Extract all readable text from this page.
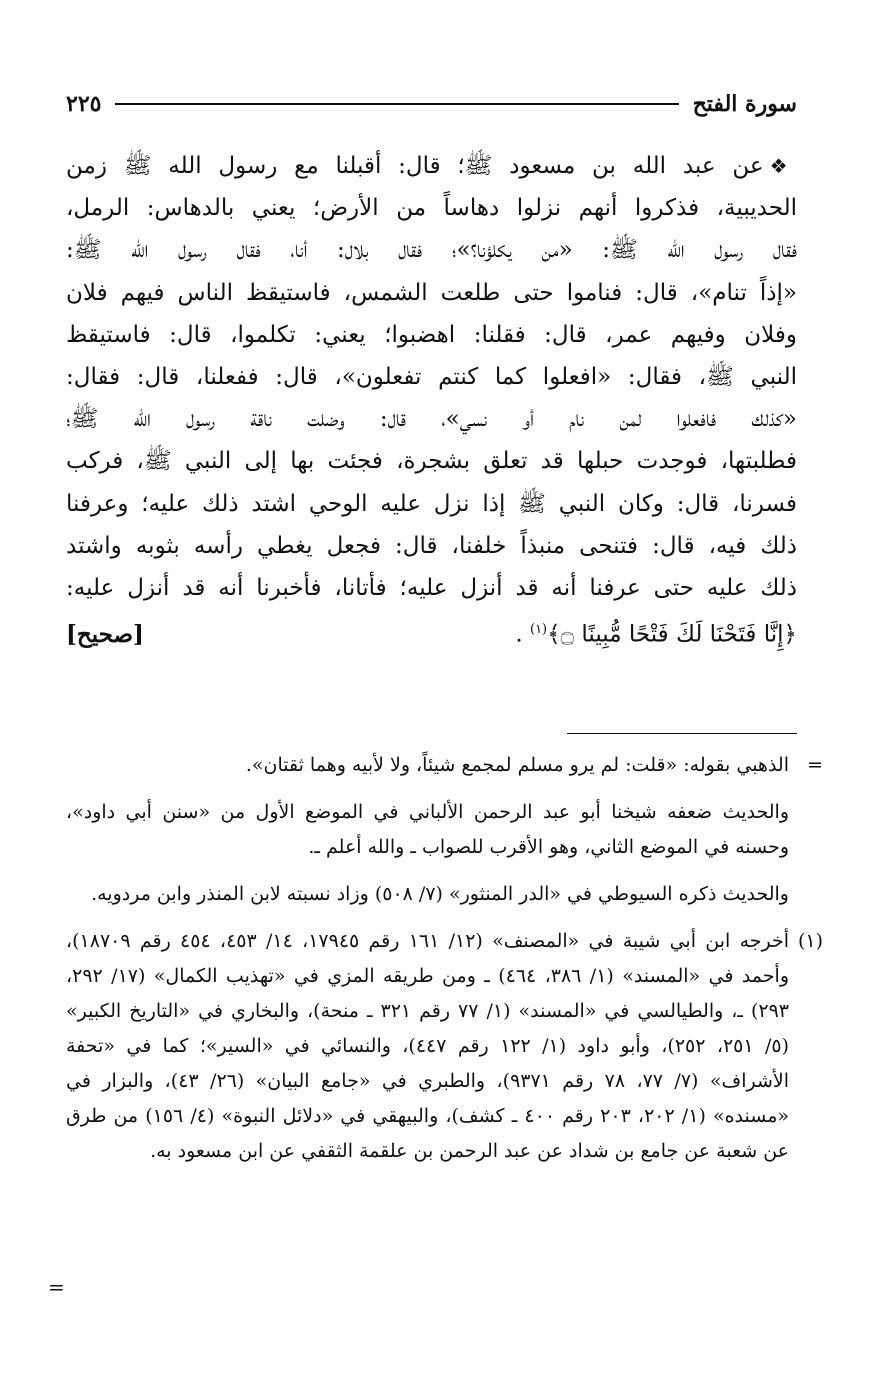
سورة الفتح
٢٢٥
❖عن عبد الله بن مسعود ﷺ؛ قال: أقبلنا مع رسول الله ﷺ زمن
الحديبية، فذكروا أنهم نزلوا دهاساً من الأرض؛ يعني بالدهاس: الرمل،
فقال رسول الله ﷺ: «من يكلؤنا؟»؛ فقال بلال: أنا، فقال رسول الله ﷺ:
«إذاً تنام»، قال: فناموا حتى طلعت الشمس، فاستيقظ الناس فيهم فلان
وفلان وفيهم عمر، قال: فقلنا: اهضبوا؛ يعني: تكلموا، قال: فاستيقظ
النبي ﷺ، فقال: «افعلوا كما كنتم تفعلون»، قال: ففعلنا، قال: فقال:
«كذلك فافعلوا لمن نام أو نسي»، قال: وضلت ناقة رسول الله ﷺ؛
فطلبتها، فوجدت حبلها قد تعلق بشجرة، فجئت بها إلى النبي ﷺ، فركب
فسرنا، قال: وكان النبي ﷺ إذا نزل عليه الوحي اشتد ذلك عليه؛ وعرفنا
ذلك فيه، قال: فتنحى منبذاً خلفنا، قال: فجعل يغطي رأسه بثوبه واشتد
ذلك عليه حتى عرفنا أنه قد أنزل عليه؛ فأتانا، فأخبرنا أنه قد أنزل عليه:
﴿إِنَّا فَتَحْنَا لَكَ فَتْحًا مُّبِينًا ۝﴾$^{(١)}$ .
[صحيح]
=

الذهبي بقوله: «قلت: لم يرو مسلم لمجمع شيئاً، ولا لأبيه وهما ثقتان».

والحديث ضعفه شيخنا أبو عبد الرحمن الألباني في الموضع الأول من «سنن أبي داود»، وحسنه في الموضع الثاني، وهو الأقرب للصواب ـ والله أعلم ـ.

والحديث ذكره السيوطي في «الدر المنثور» (٧/ ٥٠٨) وزاد نسبته لابن المنذر وابن مردويه.

(١)

أخرجه ابن أبي شيبة في «المصنف» (١٢/ ١٦١ رقم ١٧٩٤٥، ١٤/ ٤٥٣، ٤٥٤ رقم ١٨٧٠٩)، وأحمد في «المسند» (١/ ٣٨٦، ٤٦٤) ـ ومن طريقه المزي في «تهذيب الكمال» (١٧/ ٢٩٢، ٢٩٣) ـ، والطيالسي في «المسند» (١/ ٧٧ رقم ٣٢١ ـ منحة)، والبخاري في «التاريخ الكبير» (٥/ ٢٥١، ٢٥٢)، وأبو داود (١/ ١٢٢ رقم ٤٤٧)، والنسائي في «السير»؛ كما في «تحفة الأشراف» (٧/ ٧٧، ٧٨ رقم ٩٣٧١)، والطبري في «جامع البيان» (٢٦/ ٤٣)، والبزار في «مسنده» (١/ ٢٠٢، ٢٠٣ رقم ٤٠٠ ـ كشف)، والبيهقي في «دلائل النبوة» (٤/ ١٥٦) من طرق عن شعبة عن جامع بن شداد عن عبد الرحمن بن علقمة الثقفي عن ابن مسعود به.

=
